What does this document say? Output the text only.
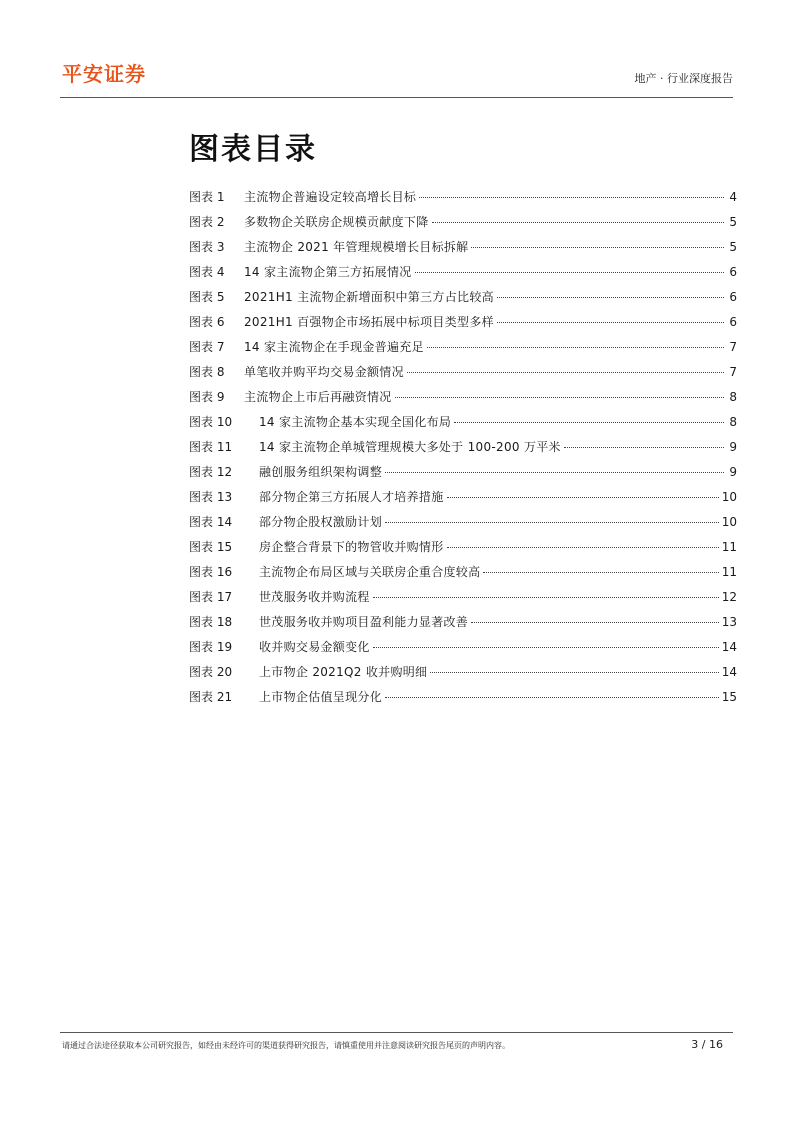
平安证券	地产 · 行业深度报告
图表目录
图表 1	主流物企普遍设定较高增长目标	4
图表 2	多数物企关联房企规模贡献度下降	5
图表 3	主流物企 2021 年管理规模增长目标拆解	5
图表 4	14 家主流物企第三方拓展情况	6
图表 5	2021H1 主流物企新增面积中第三方占比较高	6
图表 6	2021H1 百强物企市场拓展中标项目类型多样	6
图表 7	14 家主流物企在手现金普遍充足	7
图表 8	单笔收并购平均交易金额情况	7
图表 9	主流物企上市后再融资情况	8
图表 10	14 家主流物企基本实现全国化布局	8
图表 11	14 家主流物企单城管理规模大多处于 100-200 万平米	9
图表 12	融创服务组织架构调整	9
图表 13	部分物企第三方拓展人才培养措施	10
图表 14	部分物企股权激励计划	10
图表 15	房企整合背景下的物管收并购情形	11
图表 16	主流物企布局区域与关联房企重合度较高	11
图表 17	世茂服务收并购流程	12
图表 18	世茂服务收并购项目盈利能力显著改善	13
图表 19	收并购交易金额变化	14
图表 20	上市物企 2021Q2 收并购明细	14
图表 21	上市物企估值呈现分化	15
请通过合法途径获取本公司研究报告，如经由未经许可的渠道获得研究报告，请慎重使用并注意阅读研究报告尾页的声明内容。	3 / 16
